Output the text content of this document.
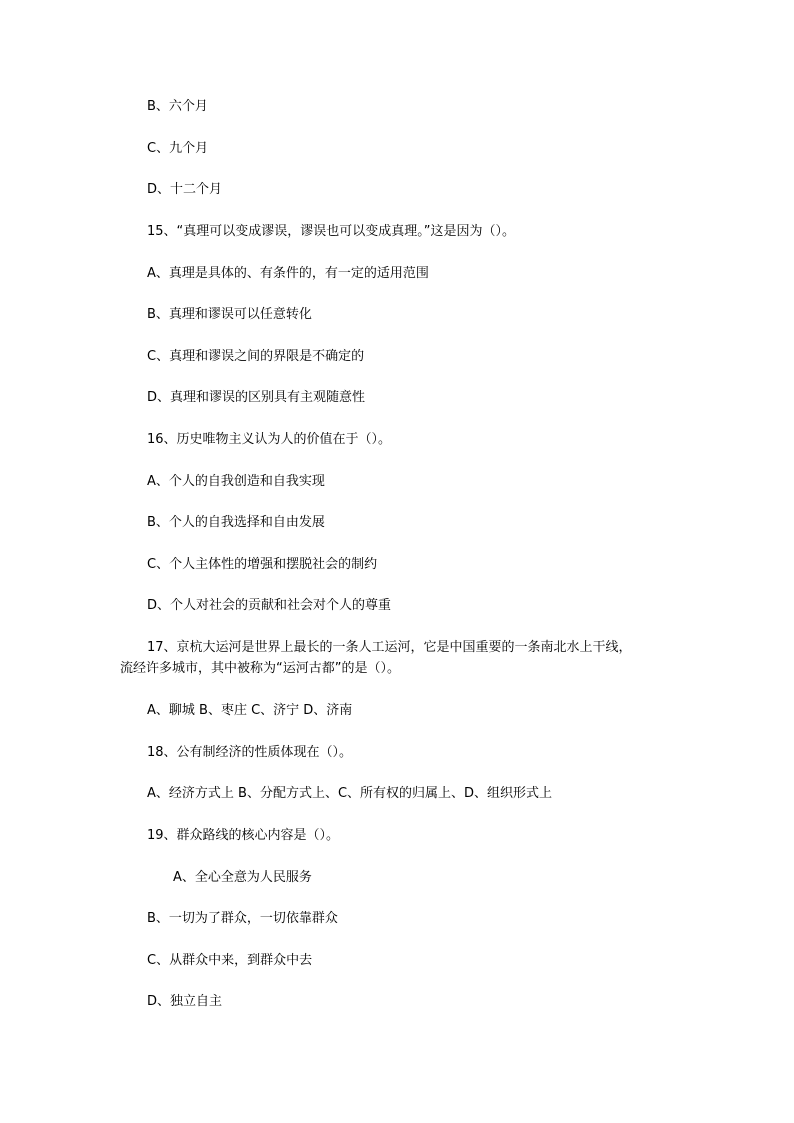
B、六个月
C、九个月
D、十二个月
15、“真理可以变成谬误，谬误也可以变成真理。”这是因为（）。
A、真理是具体的、有条件的，有一定的适用范围
B、真理和谬误可以任意转化
C、真理和谬误之间的界限是不确定的
D、真理和谬误的区别具有主观随意性
16、历史唯物主义认为人的价值在于（）。
A、个人的自我创造和自我实现
B、个人的自我选择和自由发展
C、个人主体性的增强和摆脱社会的制约
D、个人对社会的贡献和社会对个人的尊重
17、京杭大运河是世界上最长的一条人工运河，它是中国重要的一条南北水上干线，
流经许多城市，其中被称为“运河古都”的是（）。
A、聊城 B、枣庄 C、济宁 D、济南
18、公有制经济的性质体现在（）。
A、经济方式上 B、分配方式上、C、所有权的归属上、D、组织形式上
19、群众路线的核心内容是（）。
A、全心全意为人民服务
B、一切为了群众，一切依靠群众
C、从群众中来，到群众中去
D、独立自主
